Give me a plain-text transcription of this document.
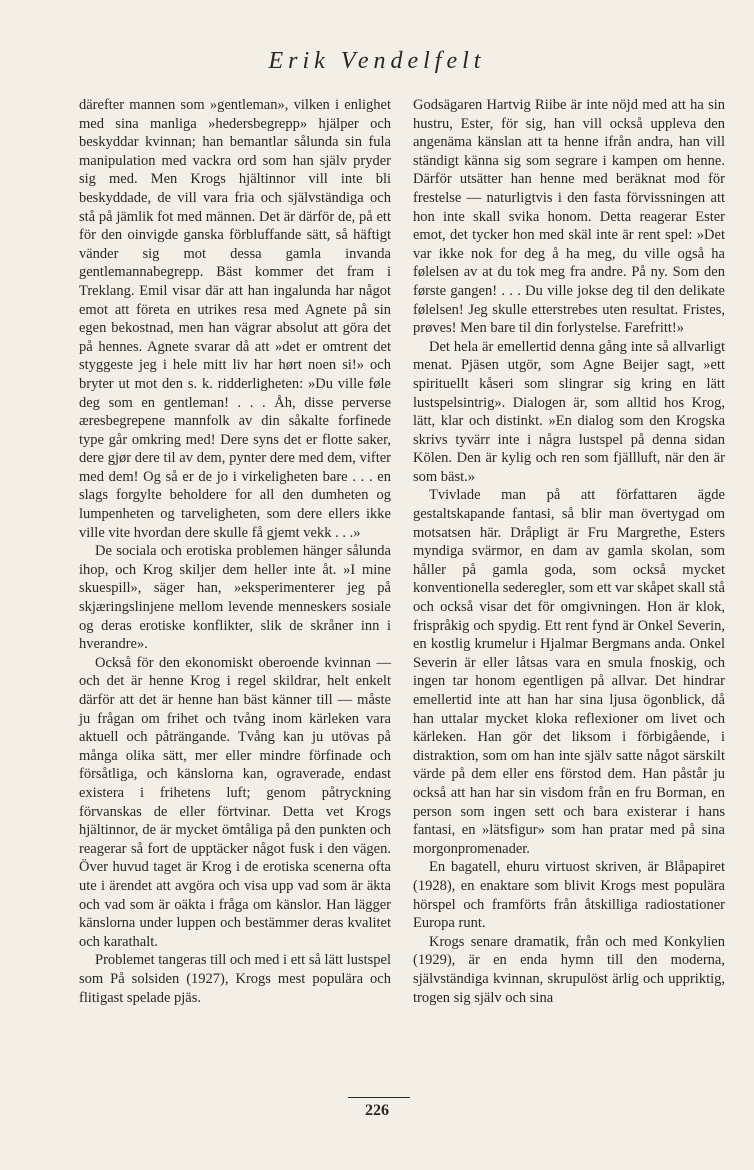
Erik Vendelfelt

därefter mannen som »gentleman», vilken i enlighet med sina manliga »hedersbegrepp» hjälper och beskyddar kvinnan; han bemantlar sålunda sin fula manipulation med vackra ord som han själv pryder sig med. Men Krogs hjältinnor vill inte bli beskyddade, de vill vara fria och självständiga och stå på jämlik fot med männen. Det är därför de, på ett för den oinvigde ganska förbluffande sätt, så häftigt vänder sig mot dessa gamla invanda gentlemannabegrepp. Bäst kommer det fram i Treklang. Emil visar där att han ingalunda har något emot att företa en utrikes resa med Agnete på sin egen bekostnad, men han vägrar absolut att göra det på hennes. Agnete svarar då att »det er omtrent det styggeste jeg i hele mitt liv har hørt noen si!» och bryter ut mot den s. k. ridderligheten: »Du ville føle deg som en gentleman! . . . Åh, disse perverse æresbegrepene mannfolk av din såkalte forfinede type går omkring med! Dere syns det er flotte saker, dere gjør dere til av dem, pynter dere med dem, vifter med dem! Og så er de jo i virkeligheten bare . . . en slags forgylte beholdere for all den dumheten og lumpenheten og tarveligheten, som dere ellers ikke ville vite hvordan dere skulle få gjemt vekk . . .»

De sociala och erotiska problemen hänger sålunda ihop, och Krog skiljer dem heller inte åt. »I mine skuespill», säger han, »eksperimenterer jeg på skjæringslinjene mellom levende menneskers sosiale og deras erotiske konflikter, slik de skråner inn i hverandre».

Också för den ekonomiskt oberoende kvinnan — och det är henne Krog i regel skildrar, helt enkelt därför att det är henne han bäst känner till — måste ju frågan om frihet och tvång inom kärleken vara aktuell och påträngande. Tvång kan ju utövas på många olika sätt, mer eller mindre förfinade och försåtliga, och känslorna kan, ograverade, endast existera i frihetens luft; genom påtryckning förvanskas de eller förtvinar. Detta vet Krogs hjältinnor, de är mycket ömtåliga på den punkten och reagerar så fort de upptäcker något fusk i den vägen. Över huvud taget är Krog i de erotiska scenerna ofta ute i ärendet att avgöra och visa upp vad som är äkta och vad som är oäkta i fråga om känslor. Han lägger känslorna under luppen och bestämmer deras kvalitet och karathalt.

Problemet tangeras till och med i ett så lätt lustspel som På solsiden (1927), Krogs mest populära och flitigast spelade pjäs.

Godsägaren Hartvig Riibe är inte nöjd med att ha sin hustru, Ester, för sig, han vill också uppleva den angenäma känslan att ta henne ifrån andra, han vill ständigt känna sig som segrare i kampen om henne. Därför utsätter han henne med beräknat mod för frestelse — naturligtvis i den fasta förvissningen att hon inte skall svika honom. Detta reagerar Ester emot, det tycker hon med skäl inte är rent spel: »Det var ikke nok for deg å ha meg, du ville også ha følelsen av at du tok meg fra andre. På ny. Som den første gangen! . . . Du ville jokse deg til den delikate følelsen! Jeg skulle etterstrebes uten resultat. Fristes, prøves! Men bare til din forlystelse. Farefritt!»

Det hela är emellertid denna gång inte så allvarligt menat. Pjäsen utgör, som Agne Beijer sagt, »ett spirituellt kåseri som slingrar sig kring en lätt lustspelsintrig». Dialogen är, som alltid hos Krog, lätt, klar och distinkt. »En dialog som den Krogska skrivs tyvärr inte i några lustspel på denna sidan Kölen. Den är kylig och ren som fjällluft, när den är som bäst.»

Tvivlade man på att författaren ägde gestaltskapande fantasi, så blir man övertygad om motsatsen här. Dråpligt är Fru Margrethe, Esters myndiga svärmor, en dam av gamla skolan, som håller på gamla goda, som också mycket konventionella sederegler, som ett var skåpet skall stå och också visar det för omgivningen. Hon är klok, frispråkig och spydig. Ett rent fynd är Onkel Severin, en kostlig krumelur i Hjalmar Bergmans anda. Onkel Severin är eller låtsas vara en smula fnoskig, och ingen tar honom egentligen på allvar. Det hindrar emellertid inte att han har sina ljusa ögonblick, då han uttalar mycket kloka reflexioner om livet och kärleken. Han gör det liksom i förbigående, i distraktion, som om han inte själv satte något särskilt värde på dem eller ens förstod dem. Han påstår ju också att han har sin visdom från en fru Borman, en person som ingen sett och bara existerar i hans fantasi, en »lätsfigur» som han pratar med på sina morgonpromenader.

En bagatell, ehuru virtuost skriven, är Blåpapiret (1928), en enaktare som blivit Krogs mest populära hörspel och framförts från åtskilliga radiostationer Europa runt.

Krogs senare dramatik, från och med Konkylien (1929), är en enda hymn till den moderna, självständiga kvinnan, skrupulöst ärlig och uppriktig, trogen sig själv och sina

226
